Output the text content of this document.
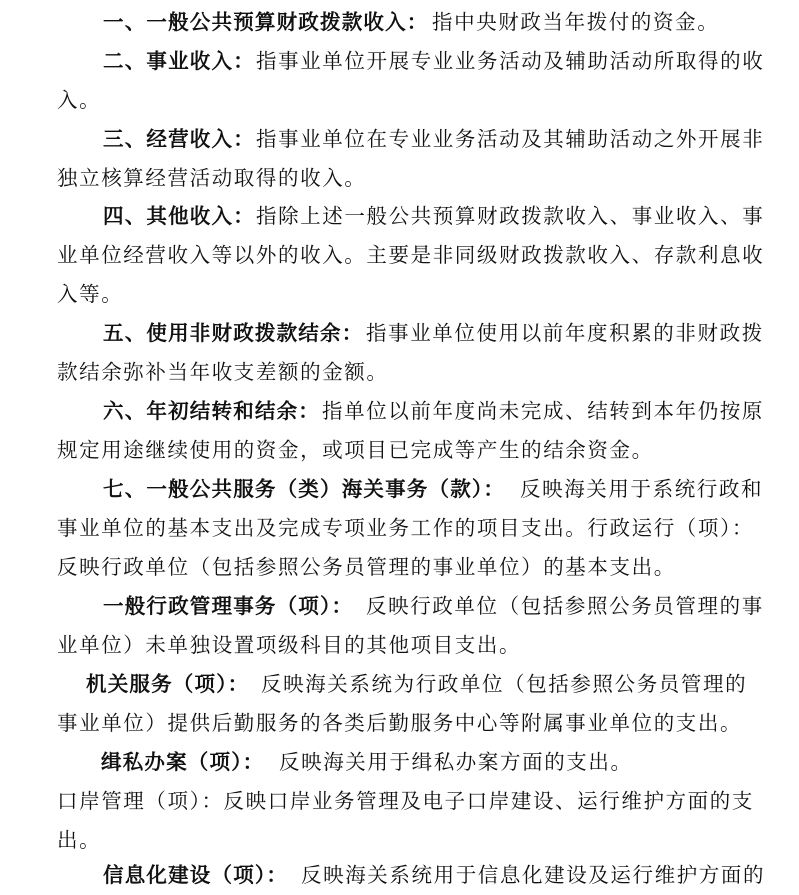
一、一般公共预算财政拨款收入： 指中央财政当年拨付的资金。
二、事业收入： 指事业单位开展专业业务活动及辅助活动所取得的收
入。
三、经营收入： 指事业单位在专业业务活动及其辅助活动之外开展非
独立核算经营活动取得的收入。
四、其他收入： 指除上述一般公共预算财政拨款收入、事业收入、事
业单位经营收入等以外的收入。主要是非同级财政拨款收入、存款利息收
入等。
五、使用非财政拨款结余： 指事业单位使用以前年度积累的非财政拨
款结余弥补当年收支差额的金额。
六、年初结转和结余： 指单位以前年度尚未完成、结转到本年仍按原
规定用途继续使用的资金，或项目已完成等产生的结余资金。
七、一般公共服务（类）海关事务（款）： 反映海关用于系统行政和
事业单位的基本支出及完成专项业务工作的项目支出。行政运行（项）：
反映行政单位（包括参照公务员管理的事业单位）的基本支出。
一般行政管理事务（项）： 反映行政单位（包括参照公务员管理的事
业单位）未单独设置项级科目的其他项目支出。
机关服务（项）： 反映海关系统为行政单位（包括参照公务员管理的
事业单位）提供后勤服务的各类后勤服务中心等附属事业单位的支出。
缉私办案（项）： 反映海关用于缉私办案方面的支出。
口岸管理（项）：反映口岸业务管理及电子口岸建设、运行维护方面的支
出。
信息化建设（项）： 反映海关系统用于信息化建设及运行维护方面的
